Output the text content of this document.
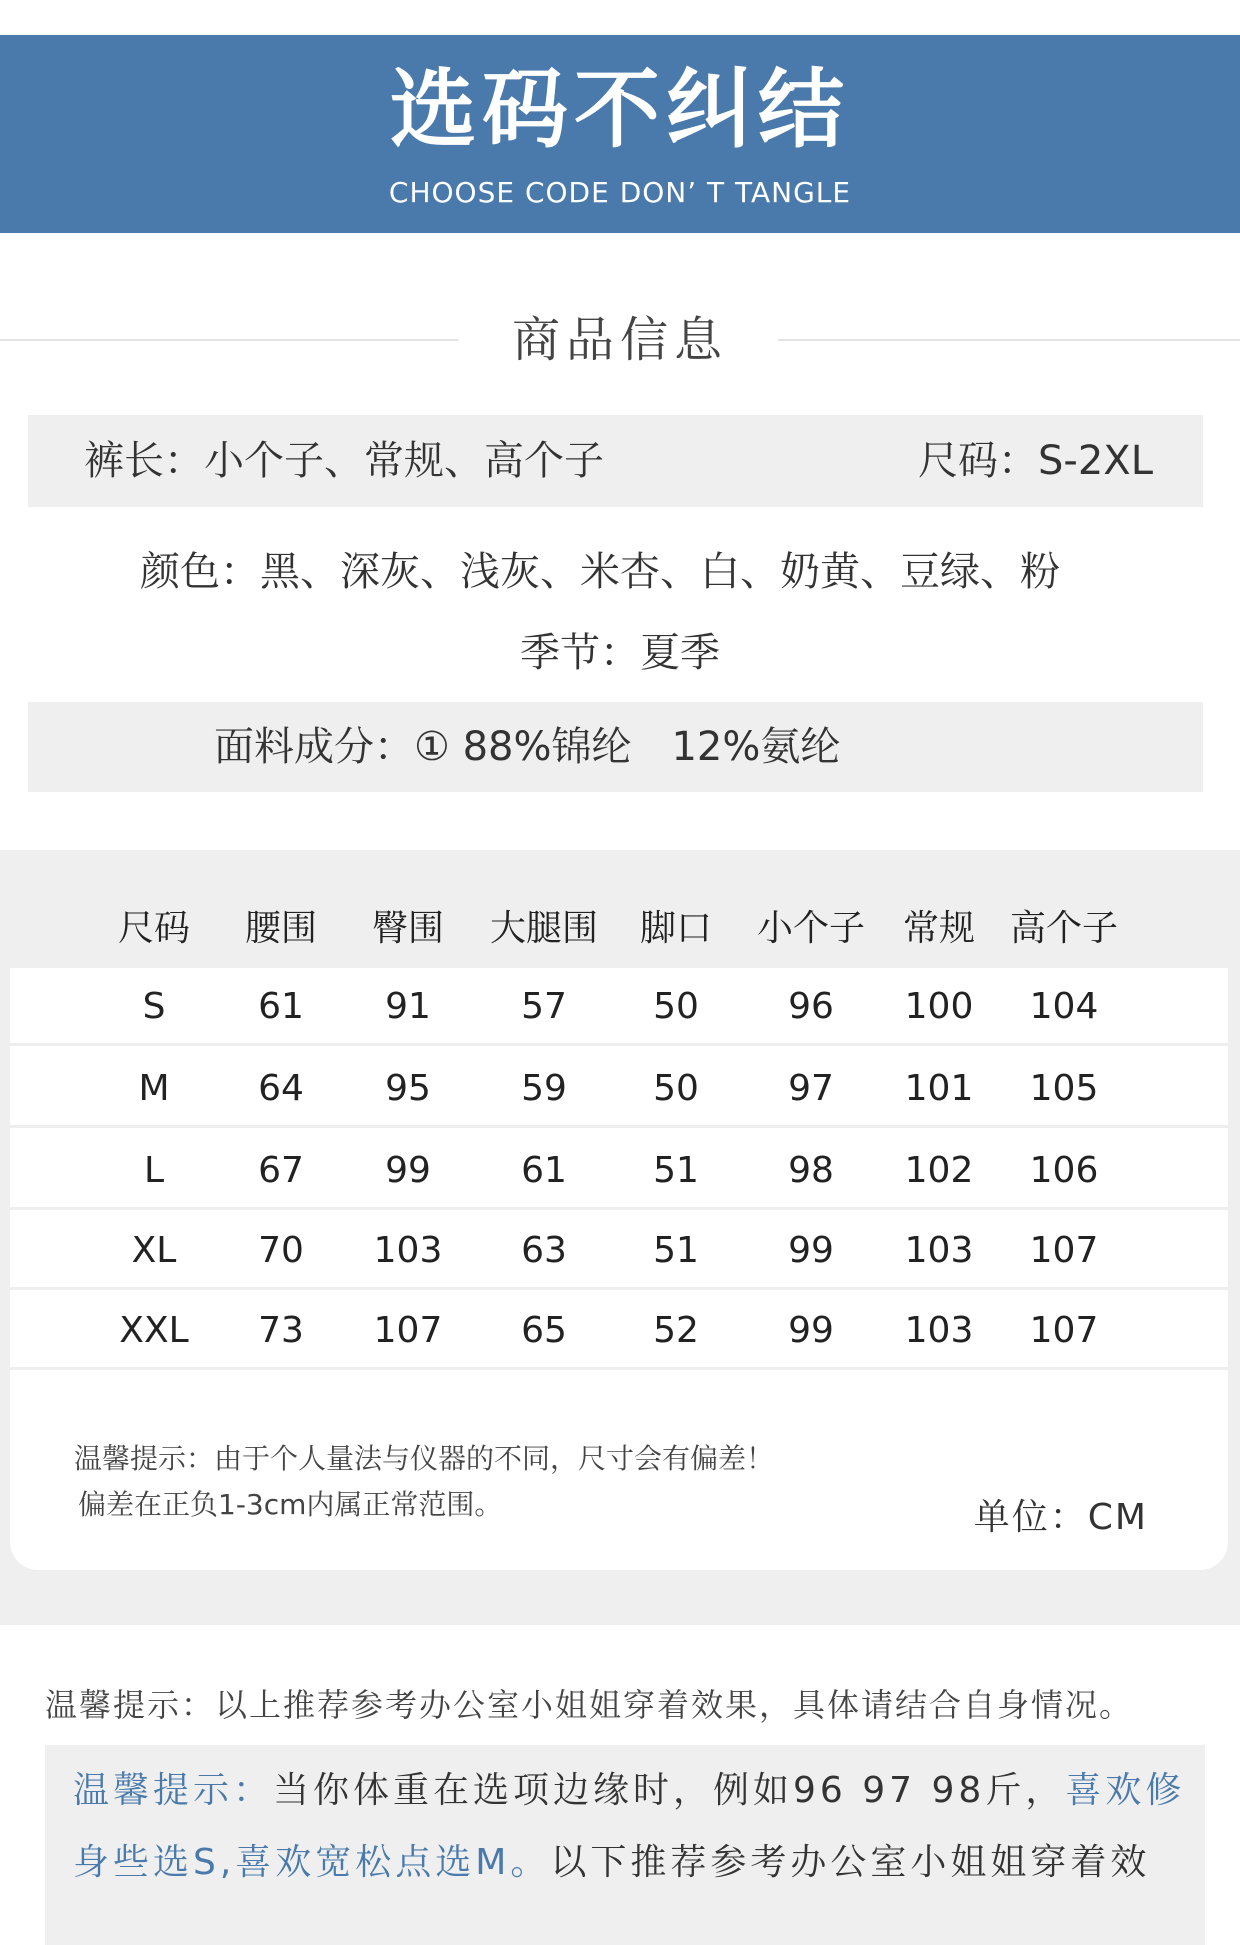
选码不纠结
CHOOSE CODE DON’ T TANGLE
商品信息
裤长：小个子、常规、高个子	尺码：S-2XL
颜色：黑、深灰、浅灰、米杏、白、奶黄、豆绿、粉
季节：夏季
面料成分：① 88%锦纶　12%氨纶
尺码 腰围 臀围 大腿围 脚口 小个子 常规 高个子
S	61 91	57 50 96 100 104
M 64 95	59 50 97 101 105
L	67 99	61 51 98 102 106
XL 70 103 63 51 99 103 107
XXL 73 107 65 52 99 103 107
温馨提示：由于个人量法与仪器的不同，尺寸会有偏差！
偏差在正负1-3cm内属正常范围。	单位：CM
温馨提示：以上推荐参考办公室小姐姐穿着效果，具体请结合自身情况。
温馨提示：当你体重在选项边缘时，例如96 97 98斤，喜欢修
身些选S,喜欢宽松点选M。以下推荐参考办公室小姐姐穿着效
